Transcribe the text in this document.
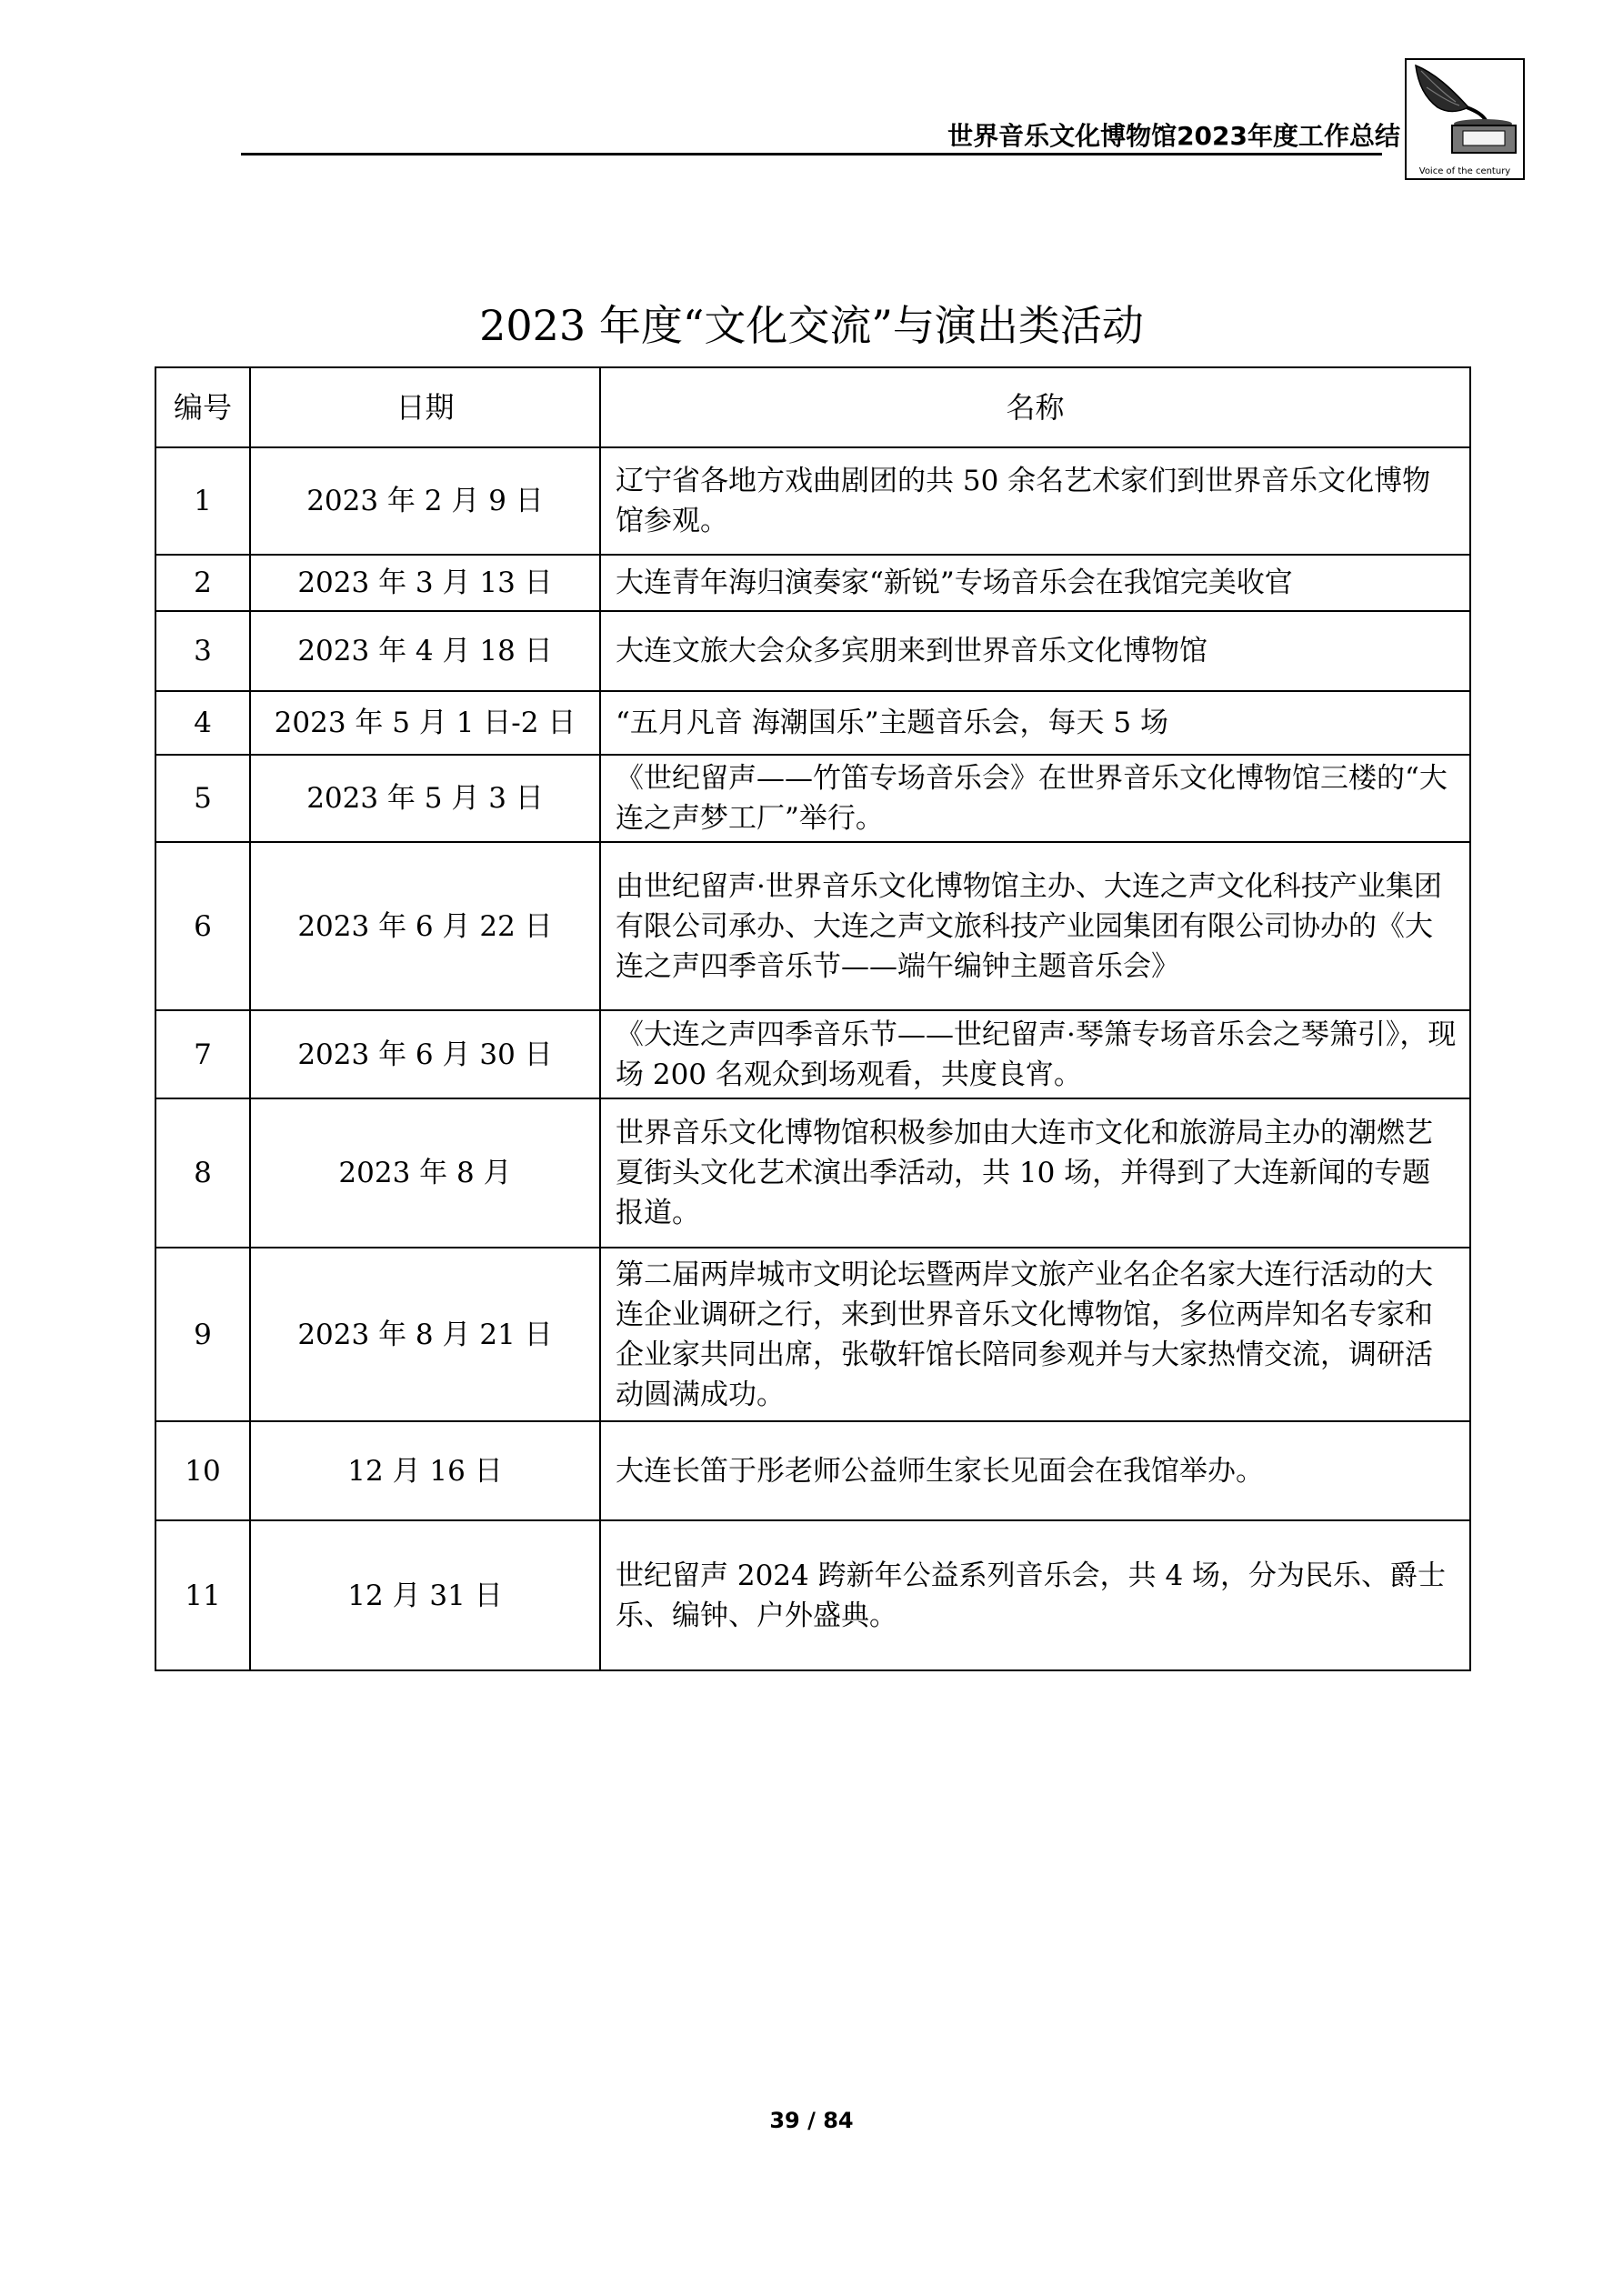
世界音乐文化博物馆2023年度工作总结
Voice of the century
2023 年度“文化交流”与演出类活动
编号	日期	名称
1	2023 年 2 月 9 日	辽宁省各地方戏曲剧团的共 50 余名艺术家们到世界音乐文化博物馆参观。
2	2023 年 3 月 13 日	大连青年海归演奏家“新锐”专场音乐会在我馆完美收官
3	2023 年 4 月 18 日	大连文旅大会众多宾朋来到世界音乐文化博物馆
4	2023 年 5 月 1 日-2 日	“五月凡音 海潮国乐”主题音乐会，每天 5 场
5	2023 年 5 月 3 日	《世纪留声——竹笛专场音乐会》在世界音乐文化博物馆三楼的“大连之声梦工厂”举行。
6	2023 年 6 月 22 日	由世纪留声·世界音乐文化博物馆主办、大连之声文化科技产业集团有限公司承办、大连之声文旅科技产业园集团有限公司协办的《大连之声四季音乐节——端午编钟主题音乐会》
7	2023 年 6 月 30 日	《大连之声四季音乐节——世纪留声·琴箫专场音乐会之琴箫引》，现场 200 名观众到场观看，共度良宵。
8	2023 年 8 月	世界音乐文化博物馆积极参加由大连市文化和旅游局主办的潮燃艺夏街头文化艺术演出季活动，共 10 场，并得到了大连新闻的专题报道。
9	2023 年 8 月 21 日	第二届两岸城市文明论坛暨两岸文旅产业名企名家大连行活动的大连企业调研之行，来到世界音乐文化博物馆，多位两岸知名专家和企业家共同出席，张敬轩馆长陪同参观并与大家热情交流，调研活动圆满成功。
10	12 月 16 日	大连长笛于彤老师公益师生家长见面会在我馆举办。
11	12 月 31 日	世纪留声 2024 跨新年公益系列音乐会，共 4 场，分为民乐、爵士乐、编钟、户外盛典。
39 / 84
